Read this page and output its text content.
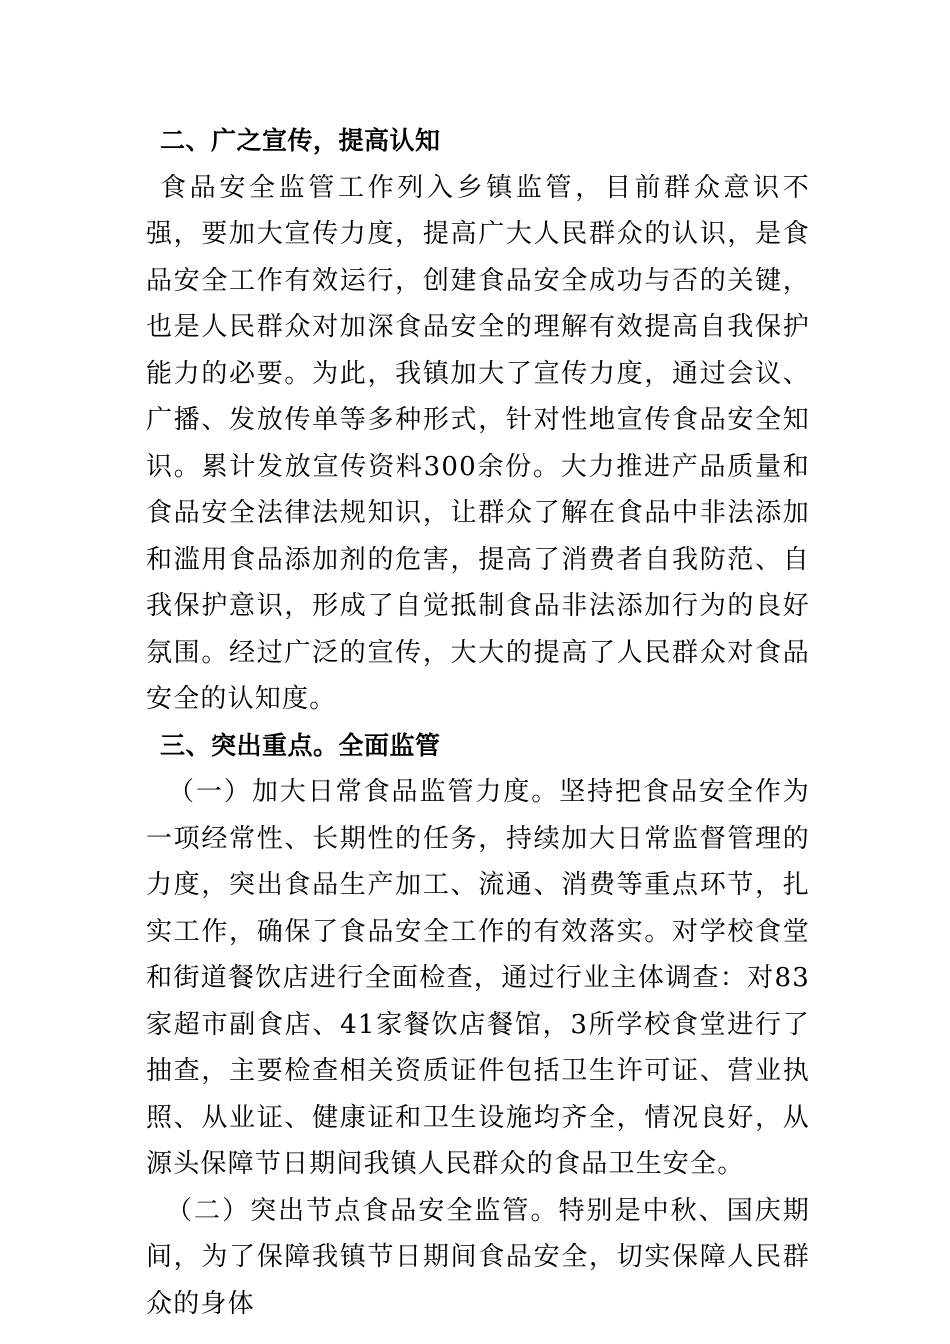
二、广之宣传，提高认知

食品安全监管工作列入乡镇监管，目前群众意识不强，要加大宣传力度，提高广大人民群众的认识，是食品安全工作有效运行，创建食品安全成功与否的关键，也是人民群众对加深食品安全的理解有效提高自我保护能力的必要。为此，我镇加大了宣传力度，通过会议、广播、发放传单等多种形式，针对性地宣传食品安全知识。累计发放宣传资料300余份。大力推进产品质量和食品安全法律法规知识，让群众了解在食品中非法添加和滥用食品添加剂的危害，提高了消费者自我防范、自我保护意识，形成了自觉抵制食品非法添加行为的良好氛围。经过广泛的宣传，大大的提高了人民群众对食品安全的认知度。

三、突出重点。全面监管

（一）加大日常食品监管力度。坚持把食品安全作为一项经常性、长期性的任务，持续加大日常监督管理的力度，突出食品生产加工、流通、消费等重点环节，扎实工作，确保了食品安全工作的有效落实。对学校食堂和街道餐饮店进行全面检查，通过行业主体调查：对83家超市副食店、41家餐饮店餐馆，3所学校食堂进行了抽查，主要检查相关资质证件包括卫生许可证、营业执照、从业证、健康证和卫生设施均齐全，情况良好，从源头保障节日期间我镇人民群众的食品卫生安全。

（二）突出节点食品安全监管。特别是中秋、国庆期间，为了保障我镇节日期间食品安全，切实保障人民群众的身体
